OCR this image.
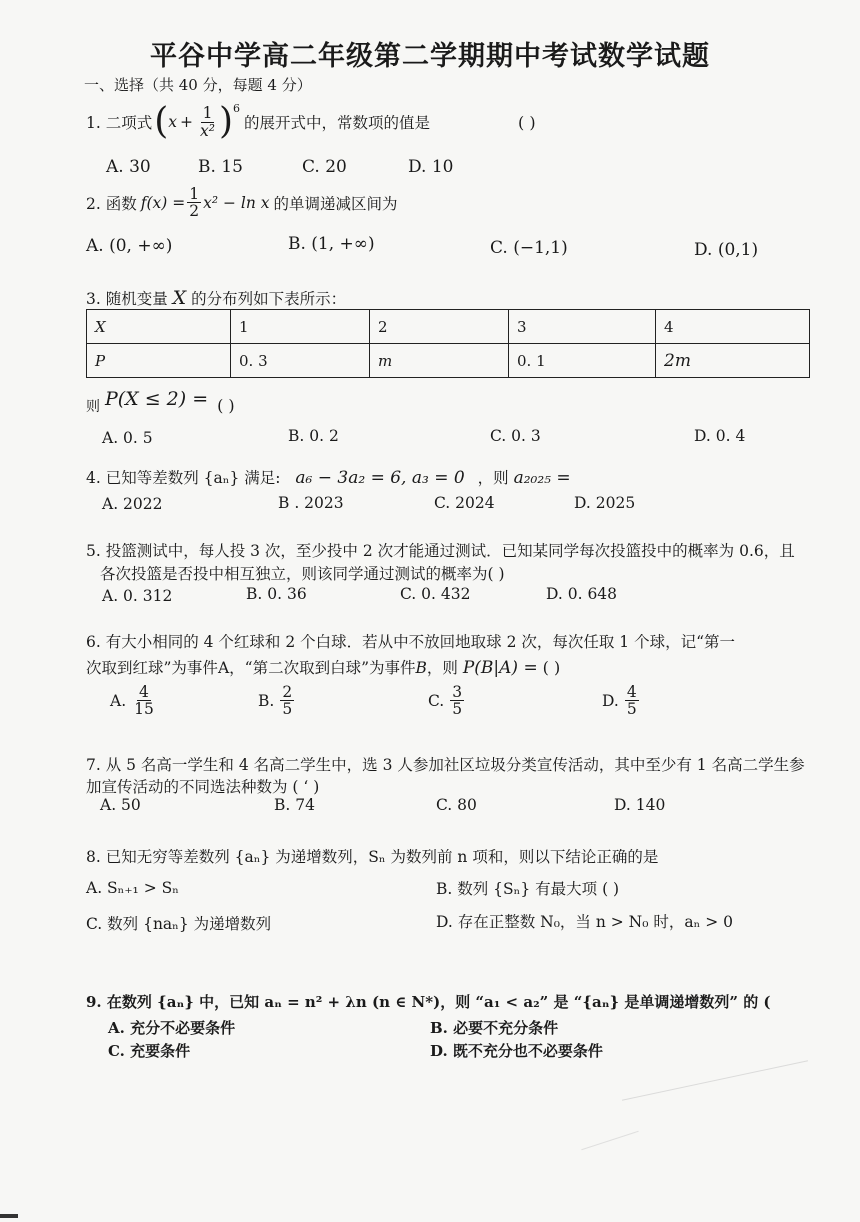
平谷中学高二年级第二学期期中考试数学试题
一、选择（共 40 分，每题 4 分）
1. 二项式 ( $x + \frac{1}{\text{x²}}$ ) 6
的展开式中，常数项的值是	( )
A. 30	B. 15	C. 20	D. 10
2. 函数 $f(x) = \frac{1}{2} x^2 - \ln x$ 的单调递减区间为
A. (0, +∞)	B. (1, +∞)	C. (−1,1)	D. (0,1)
3. 随机变量 X 的分布列如下表所示：
X	1	2	3	4
P	0. 3	m	0. 1	2m
则 P(X ≤ 2) = ( )
A. 0. 5	B. 0. 2	C. 0. 3	D. 0. 4
4. 已知等差数列 {aₙ} 满足: a₆ − 3a₂ = 6, a₃ = 0 ，则 a₂₀₂₅ =
A. 2022	B . 2023	C. 2024	D. 2025
5. 投篮测试中，每人投 3 次，至少投中 2 次才能通过测试．已知某同学每次投篮投中的概率为 0.6，且
各次投篮是否投中相互独立，则该同学通过测试的概率为( )
A. 0. 312	B. 0. 36	C. 0. 432	D. 0. 648
6. 有大小相同的 4 个红球和 2 个白球．若从中不放回地取球 2 次，每次任取 1 个球，记“第一
次取到红球”为事件A，“第二次取到白球”为事件B，则 P(B|A) = ( )
A. $\frac{4}{15}$	B. $\frac{2}{5}$	C. $\frac{3}{5}$	D. $\frac{4}{5}$
7. 从 5 名高一学生和 4 名高二学生中，选 3 人参加社区垃圾分类宣传活动，其中至少有 1 名高二学生参
加宣传活动的不同选法种数为 ( ‘ )
A. 50	B. 74	C. 80	D. 140
8. 已知无穷等差数列 {aₙ} 为递增数列，Sₙ 为数列前 n 项和，则以下结论正确的是
A. Sₙ₊₁ > Sₙ	B. 数列 {Sₙ} 有最大项 ( )
C. 数列 {naₙ} 为递增数列	D. 存在正整数 N₀，当 n > N₀ 时，aₙ > 0
9. 在数列 {aₙ} 中，已知 aₙ = n² + λn (n ∈ N*)，则 “a₁ < a₂” 是 “{aₙ} 是单调递增数列” 的 (
A. 充分不必要条件	B. 必要不充分条件
C. 充要条件	D. 既不充分也不必要条件
